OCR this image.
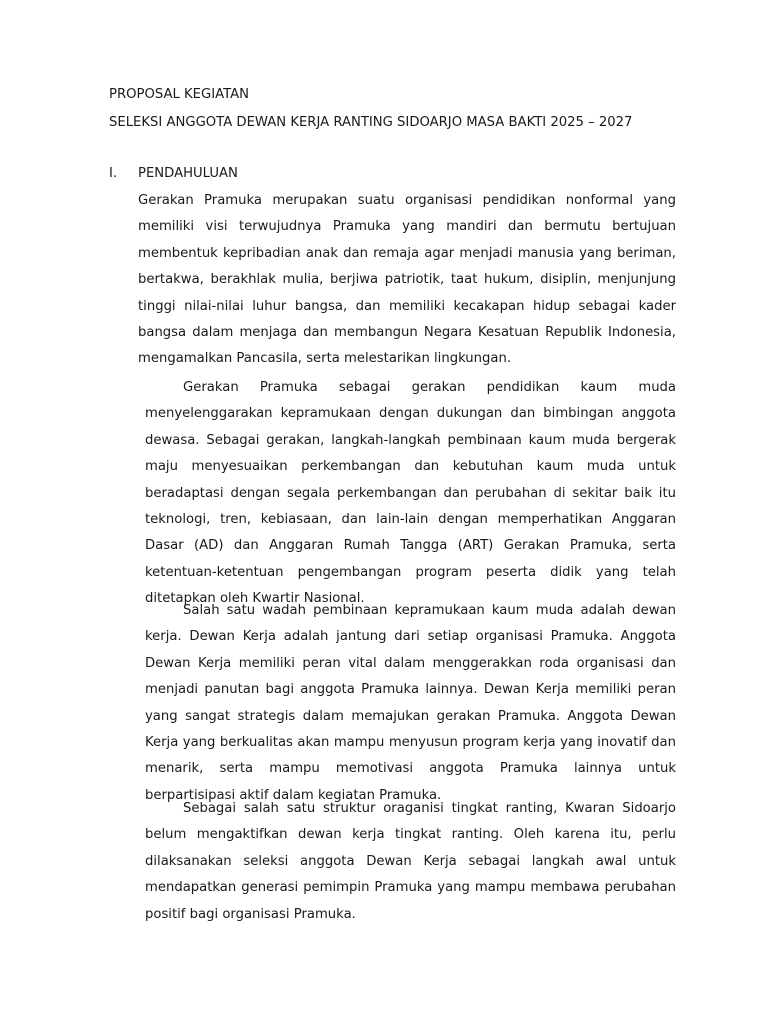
PROPOSAL KEGIATAN
SELEKSI ANGGOTA DEWAN KERJA RANTING SIDOARJO MASA BAKTI 2025 – 2027
I. PENDAHULUAN

Gerakan Pramuka merupakan suatu organisasi pendidikan nonformal yang memiliki visi terwujudnya Pramuka yang mandiri dan bermutu bertujuan membentuk kepribadian anak dan remaja agar menjadi manusia yang beriman, bertakwa, berakhlak mulia, berjiwa patriotik, taat hukum, disiplin, menjunjung tinggi nilai-nilai luhur bangsa, dan memiliki kecakapan hidup sebagai kader bangsa dalam menjaga dan membangun Negara Kesatuan Republik Indonesia, mengamalkan Pancasila, serta melestarikan lingkungan.

Gerakan Pramuka sebagai gerakan pendidikan kaum muda menyelenggarakan kepramukaan dengan dukungan dan bimbingan anggota dewasa. Sebagai gerakan, langkah-langkah pembinaan kaum muda bergerak maju menyesuaikan perkembangan dan kebutuhan kaum muda untuk beradaptasi dengan segala perkembangan dan perubahan di sekitar baik itu teknologi, tren, kebiasaan, dan lain-lain dengan memperhatikan Anggaran Dasar (AD) dan Anggaran Rumah Tangga (ART) Gerakan Pramuka, serta ketentuan-ketentuan pengembangan program peserta didik yang telah ditetapkan oleh Kwartir Nasional.

Salah satu wadah pembinaan kepramukaan kaum muda adalah dewan kerja. Dewan Kerja adalah jantung dari setiap organisasi Pramuka. Anggota Dewan Kerja memiliki peran vital dalam menggerakkan roda organisasi dan menjadi panutan bagi anggota Pramuka lainnya. Dewan Kerja memiliki peran yang sangat strategis dalam memajukan gerakan Pramuka. Anggota Dewan Kerja yang berkualitas akan mampu menyusun program kerja yang inovatif dan menarik, serta mampu memotivasi anggota Pramuka lainnya untuk berpartisipasi aktif dalam kegiatan Pramuka.

Sebagai salah satu struktur oraganisi tingkat ranting, Kwaran Sidoarjo belum mengaktifkan dewan kerja tingkat ranting. Oleh karena itu, perlu dilaksanakan seleksi anggota Dewan Kerja sebagai langkah awal untuk mendapatkan generasi pemimpin Pramuka yang mampu membawa perubahan positif bagi organisasi Pramuka.
